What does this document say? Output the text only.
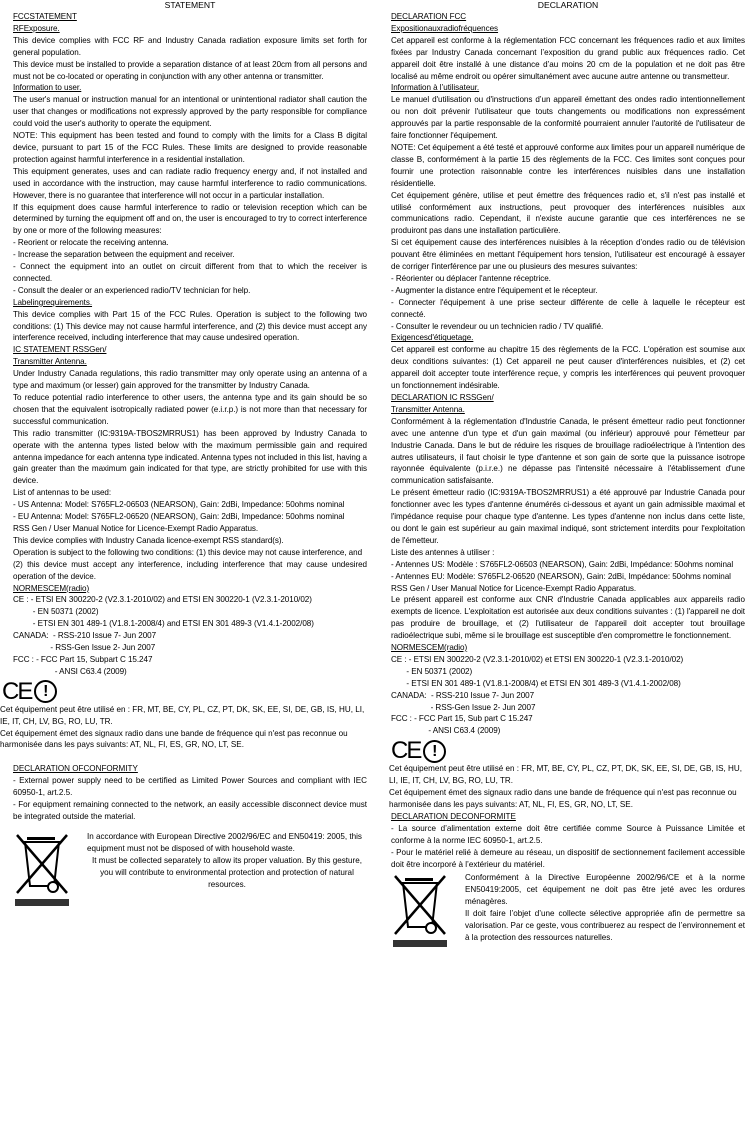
STATEMENT
FCCSTATEMENT
RFExposure.
This device complies with FCC RF and Industry Canada radiation exposure limits set forth for general population.
This device must be installed to provide a separation distance of at least 20cm from all persons and must not be co-located or operating in conjunction with any other antenna or transmitter.
Information to user.
The user's manual or instruction manual for an intentional or unintentional radiator shall caution the user that changes or modifications not expressly approved by the party responsible for compliance could void the user's authority to operate the equipment.
NOTE: This equipment has been tested and found to comply with the limits for a Class B digital device, pursuant to part 15 of the FCC Rules. These limits are designed to provide reasonable protection against harmful interference in a residential installation.
This equipment generates, uses and can radiate radio frequency energy and, if not installed and used in accordance with the instruction, may cause harmful interference to radio communications. However, there is no guarantee that interference will not occur in a particular installation.
If this equipment does cause harmful interference to radio or television reception which can be determined by turning the equipment off and on, the user is encouraged to try to correct interference by one or more of the following measures:
- Reorient or relocate the receiving antenna.
- Increase the separation between the equipment and receiver.
- Connect the equipment into an outlet on circuit different from that to which the receiver is connected.
- Consult the dealer or an experienced radio/TV technician for help.
Labelingrequirements.
This device complies with Part 15 of the FCC Rules. Operation is subject to the following two conditions: (1) This device may not cause harmful interference, and (2) this device must accept any interference received, including interference that may cause undesired operation.
IC STATEMENT RSSGen/
Transmitter Antenna.
Under Industry Canada regulations, this radio transmitter may only operate using an antenna of a type and maximum (or lesser) gain approved for the transmitter by Industry Canada.
To reduce potential radio interference to other users, the antenna type and its gain should be so chosen that the equivalent isotropically radiated power (e.i.r.p.) is not more than that necessary for successful communication.
This radio transmitter (IC:9319A-TBOS2MRRUS1) has been approved by Industry Canada to operate with the antenna types listed below with the maximum permissible gain and required antenna impedance for each antenna type indicated. Antenna types not included in this list, having a gain greater than the maximum gain indicated for that type, are strictly prohibited for use with this device.
List of antennas to be used:
- US Antenna: Model: S765FL2-06503 (NEARSON), Gain: 2dBi, Impedance: 50ohms nominal
- EU Antenna: Model: S765FL2-06520 (NEARSON), Gain: 2dBi, Impedance: 50ohms nominal
RSS Gen / User Manual Notice for Licence-Exempt Radio Apparatus.
This device complies with Industry Canada licence-exempt RSS standard(s).
Operation is subject to the following two conditions: (1) this device may not cause interference, and
(2) this device must accept any interference, including interference that may cause undesired operation of the device.
NORMESCEM(radio)
CE : - ETSI EN 300220-2 (V2.3.1-2010/02) and ETSI EN 300220-1 (V2.3.1-2010/02)
- EN 50371 (2002)
- ETSI EN 301 489-1 (V1.8.1-2008/4) and ETSI EN 301 489-3 (V1.4.1-2002/08)
CANADA:  - RSS-210 Issue 7- Jun 2007
- RSS-Gen Issue 2- Jun 2007
FCC : - FCC Part 15, Subpart C 15.247
- ANSI C63.4 (2009)
CE !
Cet équipement peut être utilisé en : FR, MT, BE, CY, PL, CZ, PT, DK, SK, EE, SI, DE, GB, IS, HU, LI, IE, IT, CH, LV, BG, RO, LU, TR.
Cet équipement émet des signaux radio dans une bande de fréquence qui n'est pas reconnue ou harmonisée dans les pays suivants: AT, NL, FI, ES, GR, NO, LT, SE.
DECLARATION OFCONFORMITY
- External power supply need to be certified as Limited Power Sources and compliant with IEC 60950-1, art.2.5.
- For equipment remaining connected to the network, an easily accessible disconnect device must be integrated outside the material.
In accordance with European Directive 2002/96/EC and EN50419: 2005, this equipment must not be disposed of with household waste.
It must be collected separately to allow its proper valuation. By this gesture, you will contribute to environmental protection and protection of natural resources.
DECLARATION
DECLARATION FCC
Expositionauxradiofréquences
Cet appareil est conforme à la réglementation FCC concernant les fréquences radio et aux limites fixées par Industry Canada concernant l’exposition du grand public aux fréquences radio. Cet appareil doit être installé à une distance d’au moins 20 cm de la population et ne doit pas être localisé au même endroit ou opérer simultanément avec aucune autre antenne ou transmetteur.
Information à l’utilisateur.
Le manuel d'utilisation ou d'instructions d’un appareil émettant des ondes radio intentionnellement ou non doit prévenir l'utilisateur que touts changements ou modifications non expressément approuvés par la partie responsable de la conformité pourraient annuler l'autorité de l'utilisateur de faire fonctionner l'équipement.
NOTE: Cet équipement a été testé et approuvé conforme aux limites pour un appareil numérique de classe B, conformément à la partie 15 des règlements de la FCC. Ces limites sont conçues pour fournir une protection raisonnable contre les interférences nuisibles dans une installation résidentielle.
Cet équipement génère, utilise et peut émettre des fréquences radio et, s'il n'est pas installé et utilisé conformément aux instructions, peut provoquer des interférences nuisibles aux communications radio. Cependant, il n'existe aucune garantie que ces interférences ne se produiront pas dans une installation particulière.
Si cet équipement cause des interférences nuisibles à la réception d’ondes radio ou de télévision pouvant être éliminées en mettant l'équipement hors tension, l'utilisateur est encouragé à essayer de corriger l'interférence par une ou plusieurs des mesures suivantes:
- Réorienter ou déplacer l'antenne réceptrice.
- Augmenter la distance entre l'équipement et le récepteur.
- Connecter l'équipement à une prise secteur différente de celle à laquelle le récepteur est connecté.
- Consulter le revendeur ou un technicien radio / TV qualifié.
Exigencesd'étiquetage.
Cet appareil est conforme au chapitre 15 des règlements de la FCC. L'opération est soumise aux deux conditions suivantes: (1) Cet appareil ne peut causer d'interférences nuisibles, et (2) cet appareil doit accepter toute interférence reçue, y compris les interférences qui peuvent provoquer un fonctionnement indésirable.
DECLARATION IC RSSGen/
Transmitter Antenna.
Conformément à la réglementation d'Industrie Canada, le présent émetteur radio peut fonctionner avec une antenne d'un type et d'un gain maximal (ou inférieur) approuvé pour l'émetteur par Industrie Canada. Dans le but de réduire les risques de brouillage radioélectrique à l'intention des autres utilisateurs, il faut choisir le type d'antenne et son gain de sorte que la puissance isotrope rayonnée équivalente (p.i.r.e.) ne dépasse pas l'intensité nécessaire à l'établissement d'une communication satisfaisante.
Le présent émetteur radio (IC:9319A-TBOS2MRRUS1) a été approuvé par Industrie Canada pour fonctionner avec les types d'antenne énumérés ci-dessous et ayant un gain admissible maximal et l'impédance requise pour chaque type d'antenne. Les types d'antenne non inclus dans cette liste, ou dont le gain est supérieur au gain maximal indiqué, sont strictement interdits pour l'exploitation de l'émetteur.
Liste des antennes à utiliser :
- Antennes US: Modèle : S765FL2-06503 (NEARSON), Gain: 2dBi, Impédance: 50ohms nominal
- Antennes EU: Modèle: S765FL2-06520 (NEARSON), Gain: 2dBi, Impédance: 50ohms nominal
RSS Gen / User Manual Notice for Licence-Exempt Radio Apparatus.
Le présent appareil est conforme aux CNR d'Industrie Canada applicables aux appareils radio exempts de licence. L'exploitation est autorisée aux deux conditions suivantes : (1) l'appareil ne doit pas produire de brouillage, et (2) l'utilisateur de l'appareil doit accepter tout brouillage radioélectrique subi, même si le brouillage est susceptible d'en compromettre le fonctionnement.
NORMESCEM(radio)
CE : - ETSI EN 300220-2 (V2.3.1-2010/02) et ETSI EN 300220-1 (V2.3.1-2010/02)
- EN 50371 (2002)
- ETSI EN 301 489-1 (V1.8.1-2008/4) et ETSI EN 301 489-3 (V1.4.1-2002/08)
CANADA:  - RSS-210 Issue 7- Jun 2007
- RSS-Gen Issue 2- Jun 2007
FCC : - FCC Part 15, Sub part C 15.247
- ANSI C63.4 (2009)
CE !
Cet équipement peut être utilisé en : FR, MT, BE, CY, PL, CZ, PT, DK, SK, EE, SI, DE, GB, IS, HU, LI, IE, IT, CH, LV, BG, RO, LU, TR.
Cet équipement émet des signaux radio dans une bande de fréquence qui n'est pas reconnue ou harmonisée dans les pays suivants: AT, NL, FI, ES, GR, NO, LT, SE.
DECLARATION DECONFORMITE
- La source d’alimentation externe doit être certifiée comme Source à Puissance Limitée et conforme à la norme IEC 60950-1, art.2.5.
- Pour le matériel relié à demeure au réseau, un dispositif de sectionnement facilement accessible doit être incorporé à l’extérieur du matériel.
Conformément à la Directive Européenne 2002/96/CE et à la norme EN50419:2005, cet équipement ne doit pas être jeté avec les ordures ménagères.
Il doit faire l’objet d’une collecte sélective appropriée afin de permettre sa valorisation. Par ce geste, vous contribuerez au respect de l’environnement et à la protection des ressources naturelles.
